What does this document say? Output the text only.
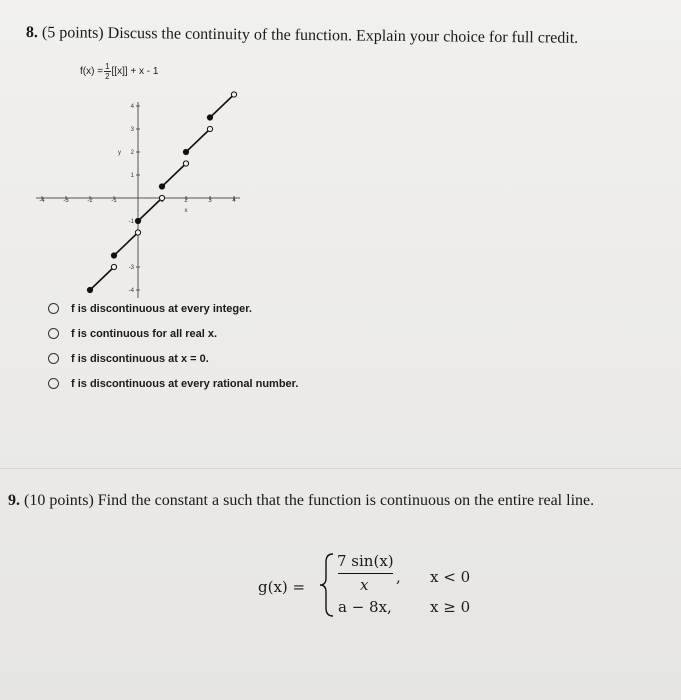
8. (5 points) Discuss the continuity of the function. Explain your choice for full credit.
$f(x) = \frac{1}{2} [[x]] + x - 1$
-4	-3	-2	-1	2	3	4
4
3
2
1
-1
-3
-4
y
x
f is discontinuous at every integer.
f is continuous for all real x.
f is discontinuous at x = 0.
f is discontinuous at every rational number.
9. (10 points) Find the constant a such that the function is continuous on the entire real line.
g(x) =
7 sin(x)
x ,
a − 8x,
x < 0
x ≥ 0
